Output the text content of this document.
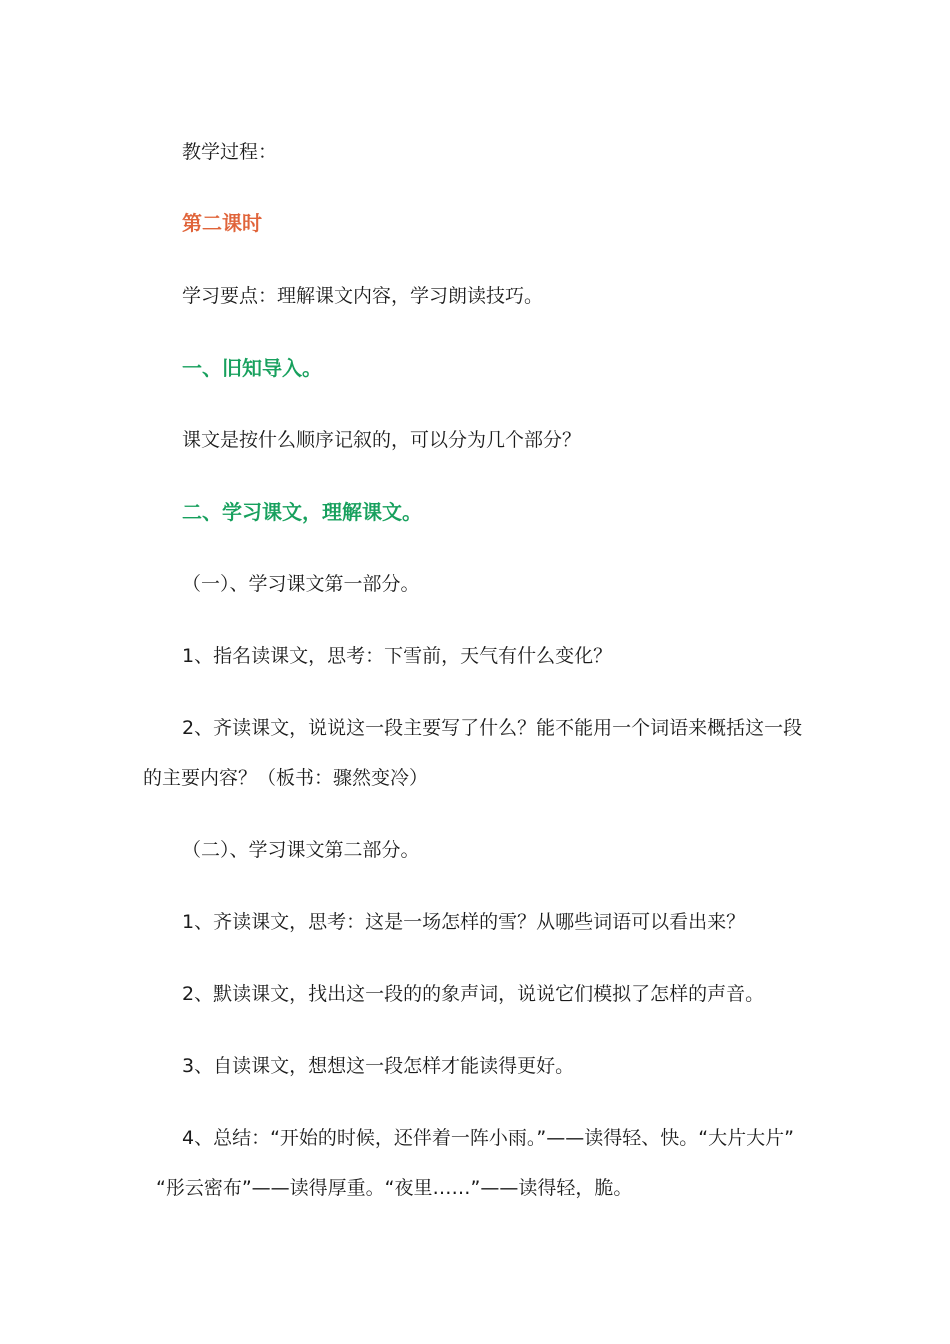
教学过程：
第二课时
学习要点：理解课文内容，学习朗读技巧。
一、旧知导入。
课文是按什么顺序记叙的，可以分为几个部分？
二、学习课文，理解课文。
（一）、学习课文第一部分。
1、指名读课文，思考：下雪前，天气有什么变化？
2、齐读课文，说说这一段主要写了什么？能不能用一个词语来概括这一段
的主要内容？（板书：骤然变冷）
（二）、学习课文第二部分。
1、齐读课文，思考：这是一场怎样的雪？从哪些词语可以看出来？
2、默读课文，找出这一段的的象声词，说说它们模拟了怎样的声音。
3、自读课文，想想这一段怎样才能读得更好。
4、总结：“开始的时候，还伴着一阵小雨。”——读得轻、快。“大片大片”
“彤云密布”——读得厚重。“夜里……”——读得轻，脆。
